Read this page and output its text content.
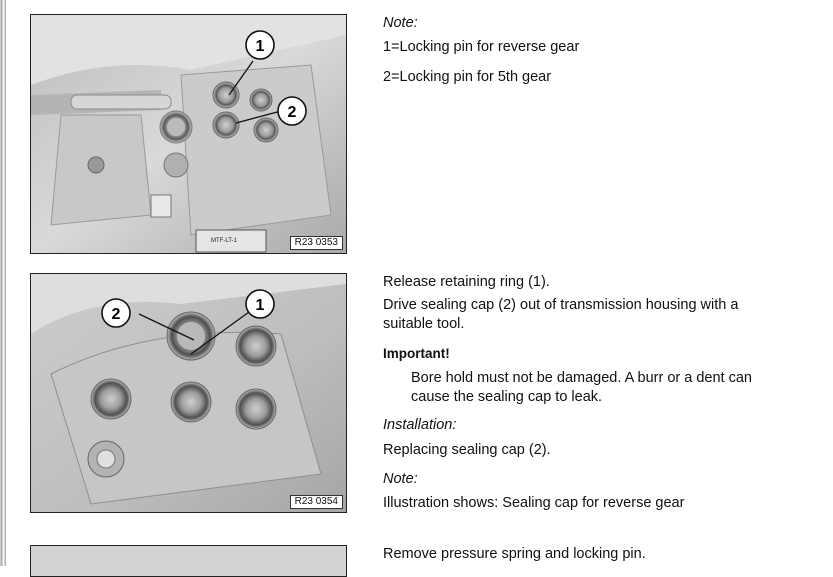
MTF-LT-1
1
2
R23 0353
2
1
R23 0354
Note:
1=Locking pin for reverse gear
2=Locking pin for 5th gear
Release retaining ring (1).
Drive sealing cap (2) out of transmission housing with a suitable tool.
Important!
Bore hold must not be damaged. A burr or a dent can cause the sealing cap to leak.
Installation:
Replacing sealing cap (2).
Note:
Illustration shows: Sealing cap for reverse gear
Remove pressure spring and locking pin.
